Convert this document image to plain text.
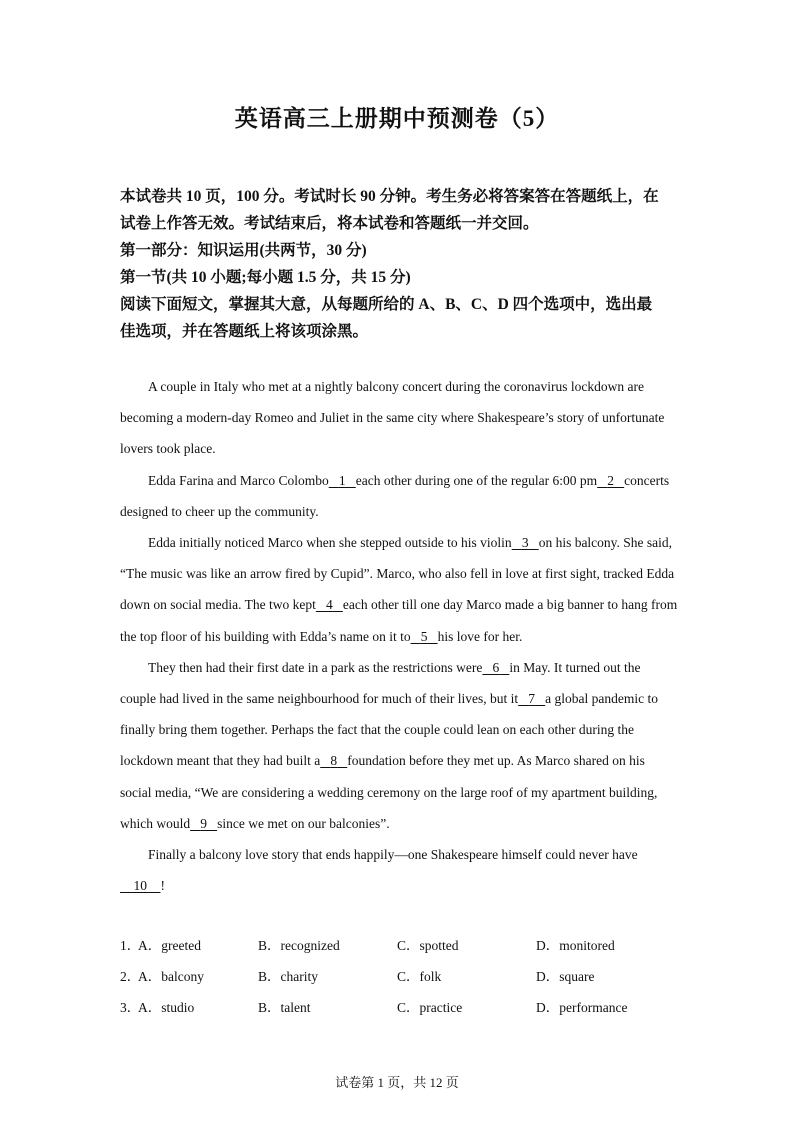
英语高三上册期中预测卷（5）

本试卷共 10 页，100 分。考试时长 90 分钟。考生务必将答案答在答题纸上，在

试卷上作答无效。考试结束后，将本试卷和答题纸一并交回。

第一部分：知识运用(共两节，30 分)

第一节(共 10 小题;每小题 1.5 分，共 15 分)

阅读下面短文，掌握其大意，从每题所给的 A、B、C、D 四个选项中，选出最

佳选项，并在答题纸上将该项涂黑。

A couple in Italy who met at a nightly balcony concert during the coronavirus lockdown are becoming a modern-day Romeo and Juliet in the same city where Shakespeare’s story of unfortunate lovers took place.

Edda Farina and Marco Colombo 1 each other during one of the regular 6:00 pm 2 concerts designed to cheer up the community.

Edda initially noticed Marco when she stepped outside to his violin 3 on his balcony. She said, “The music was like an arrow fired by Cupid”. Marco, who also fell in love at first sight, tracked Edda down on social media. The two kept 4 each other till one day Marco made a big banner to hang from the top floor of his building with Edda’s name on it to 5 his love for her.

They then had their first date in a park as the restrictions were 6 in May. It turned out the couple had lived in the same neighbourhood for much of their lives, but it 7 a global pandemic to finally bring them together. Perhaps the fact that the couple could lean on each other during the lockdown meant that they had built a 8 foundation before they met up. As Marco shared on his social media, “We are considering a wedding ceremony on the large roof of my apartment building, which would 9 since we met on our balconies”.

Finally a balcony love story that ends happily—one Shakespeare himself could never have    10 !

1．
A．greeted	B．recognized	C．spotted	D．monitored
2．
A．balcony	B．charity	C．folk	D．square
3．
A．studio	B．talent	C．practice	D．performance
试卷第 1 页，共 12 页
